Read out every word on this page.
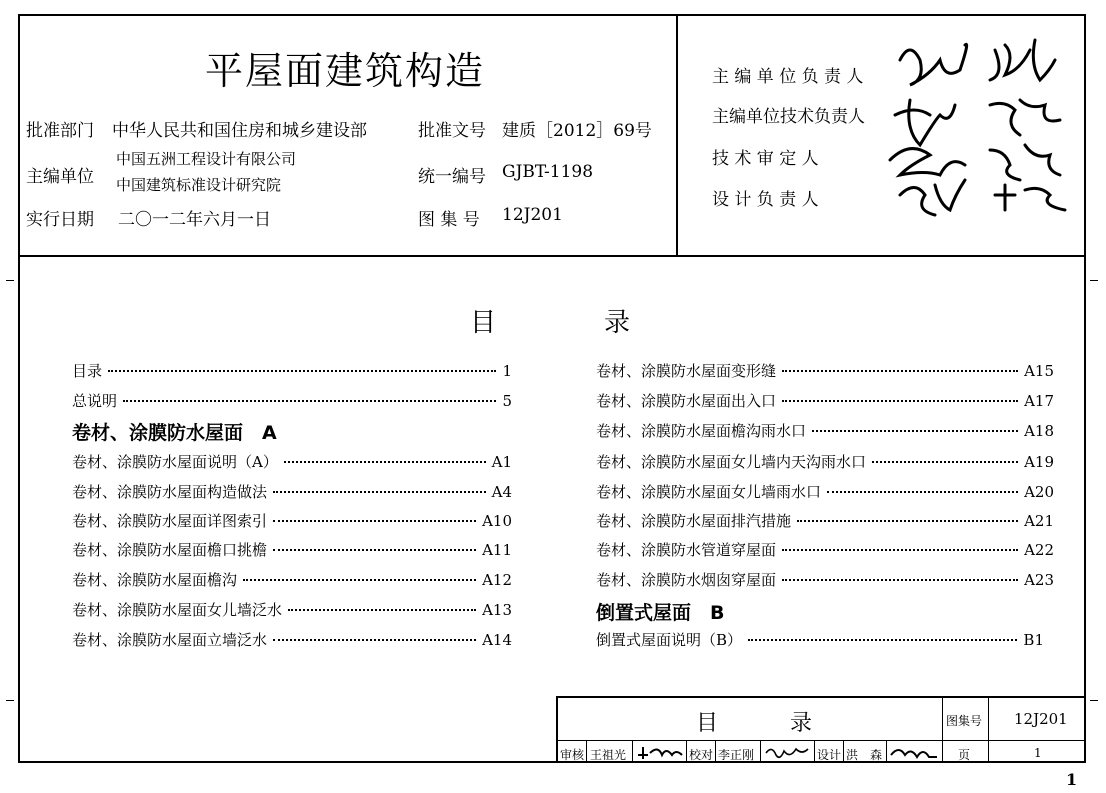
平屋面建筑构造
批准部门 中华人民共和国住房和城乡建设部	批准文号 建质［2012］69号
主编单位
中国五洲工程设计有限公司
中国建筑标准设计研究院	统一编号 GJBT-1198
实行日期 二〇一二年六月一日	图 集 号 12J201
主 编 单 位 负 责 人
主编单位技术负责人
技 术 审 定 人
设 计 负 责 人
目	录
目录	1
总说明	5
卷材、涂膜防水屋面　A
卷材、涂膜防水屋面说明（A）	A1
卷材、涂膜防水屋面构造做法	A4
卷材、涂膜防水屋面详图索引	A10
卷材、涂膜防水屋面檐口挑檐	A11
卷材、涂膜防水屋面檐沟	A12
卷材、涂膜防水屋面女儿墙泛水	A13
卷材、涂膜防水屋面立墙泛水	A14
卷材、涂膜防水屋面变形缝	A15
卷材、涂膜防水屋面出入口	A17
卷材、涂膜防水屋面檐沟雨水口	A18
卷材、涂膜防水屋面女儿墙内天沟雨水口	A19
卷材、涂膜防水屋面女儿墙雨水口	A20
卷材、涂膜防水屋面排汽措施	A21
卷材、涂膜防水管道穿屋面	A22
卷材、涂膜防水烟囱穿屋面	A23
倒置式屋面　B
倒置式屋面说明（B）	B1
目	录	图集号 12J201
审核 王祖光	校对 李正刚	设计 洪　森	页	1
1
